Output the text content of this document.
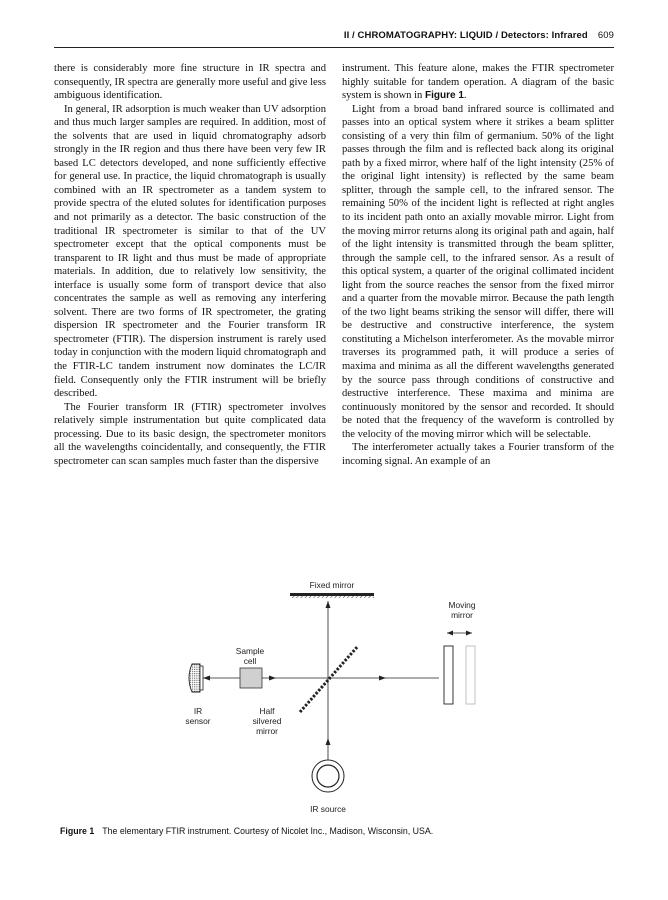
II / CHROMATOGRAPHY: LIQUID / Detectors: Infrared 609

there is considerably more fine structure in IR spectra and consequently, IR spectra are generally more useful and give less ambiguous identification.

In general, IR adsorption is much weaker than UV adsorption and thus much larger samples are required. In addition, most of the solvents that are used in liquid chromatography adsorb strongly in the IR region and thus there have been very few IR based LC detectors developed, and none sufficiently effective for general use. In practice, the liquid chromatograph is usually combined with an IR spectrometer as a tandem system to provide spectra of the eluted solutes for identification purposes and not primarily as a detector. The basic construction of the traditional IR spectrometer is similar to that of the UV spectrometer except that the optical components must be transparent to IR light and thus must be made of appropriate materials. In addition, due to relatively low sensitivity, the interface is usually some form of transport device that also concentrates the sample as well as removing any interfering solvent. There are two forms of IR spectrometer, the grating dispersion IR spectrometer and the Fourier transform IR spectrometer (FTIR). The dispersion instrument is rarely used today in conjunction with the modern liquid chromatograph and the FTIR-LC tandem instrument now dominates the LC/IR field. Consequently only the FTIR instrument will be briefly described.

The Fourier transform IR (FTIR) spectrometer involves relatively simple instrumentation but quite complicated data processing. Due to its basic design, the spectrometer monitors all the wavelengths coincidentally, and consequently, the FTIR spectrometer can scan samples much faster than the dispersive

instrument. This feature alone, makes the FTIR spectrometer highly suitable for tandem operation. A diagram of the basic system is shown in Figure 1.

Light from a broad band infrared source is collimated and passes into an optical system where it strikes a beam splitter consisting of a very thin film of germanium. 50% of the light passes through the film and is reflected back along its original path by a fixed mirror, where half of the light intensity (25% of the original light intensity) is reflected by the same beam splitter, through the sample cell, to the infrared sensor. The remaining 50% of the incident light is reflected at right angles to its incident path onto an axially movable mirror. Light from the moving mirror returns along its original path and again, half of the light intensity is transmitted through the beam splitter, through the sample cell, to the infrared sensor. As a result of this optical system, a quarter of the original collimated incident light from the source reaches the sensor from the fixed mirror and a quarter from the movable mirror. Because the path length of the two light beams striking the sensor will differ, there will be destructive and constructive interference, the system constituting a Michelson interferometer. As the movable mirror traverses its programmed path, it will produce a series of maxima and minima as all the different wavelengths generated by the source pass through conditions of constructive and destructive interference. These maxima and minima are continuously monitored by the sensor and recorded. It should be noted that the frequency of the waveform is controlled by the velocity of the moving mirror which will be selectable.

The interferometer actually takes a Fourier transform of the incoming signal. An example of an

Fixed mirror
Moving
mirror
Sample
cell
IR
sensor
Half
silvered
mirror
IR source
Figure 1 The elementary FTIR instrument. Courtesy of Nicolet Inc., Madison, Wisconsin, USA.
